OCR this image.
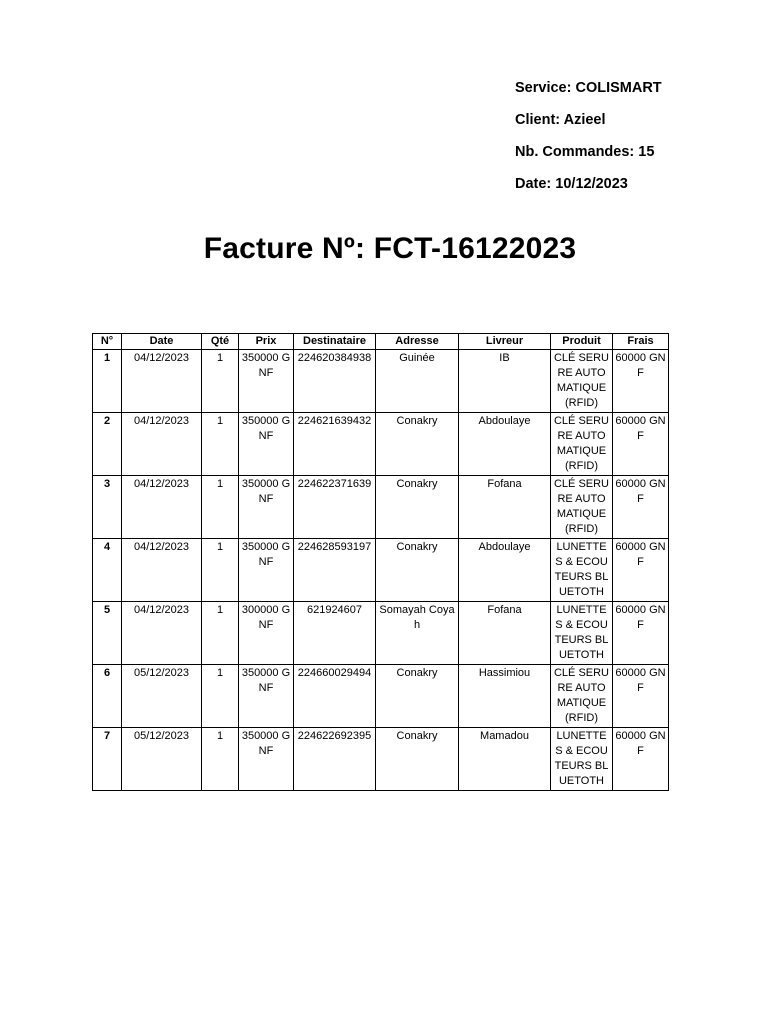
Service: COLISMART
Client: Azieel
Nb. Commandes: 15
Date: 10/12/2023
Facture Nº: FCT-16122023
N°	Date	Qté	Prix	Destinataire	Adresse	Livreur	Produit	Frais
1	04/12/2023	1	350000 GNF	224620384938	Guinée	IB	CLÉ SERURE AUTOMATIQUE (RFID)	60000 GNF
2	04/12/2023	1	350000 GNF	224621639432	Conakry	Abdoulaye	CLÉ SERURE AUTOMATIQUE (RFID)	60000 GNF
3	04/12/2023	1	350000 GNF	224622371639	Conakry	Fofana	CLÉ SERURE AUTOMATIQUE (RFID)	60000 GNF
4	04/12/2023	1	350000 GNF	224628593197	Conakry	Abdoulaye	LUNETTES & ECOUTEURS BLUETOTH	60000 GNF
5	04/12/2023	1	300000 GNF	621924607	Somayah Coyah	Fofana	LUNETTES & ECOUTEURS BLUETOTH	60000 GNF
6	05/12/2023	1	350000 GNF	224660029494	Conakry	Hassimiou	CLÉ SERURE AUTOMATIQUE (RFID)	60000 GNF
7	05/12/2023	1	350000 GNF	224622692395	Conakry	Mamadou	LUNETTES & ECOUTEURS BLUETOTH	60000 GNF
